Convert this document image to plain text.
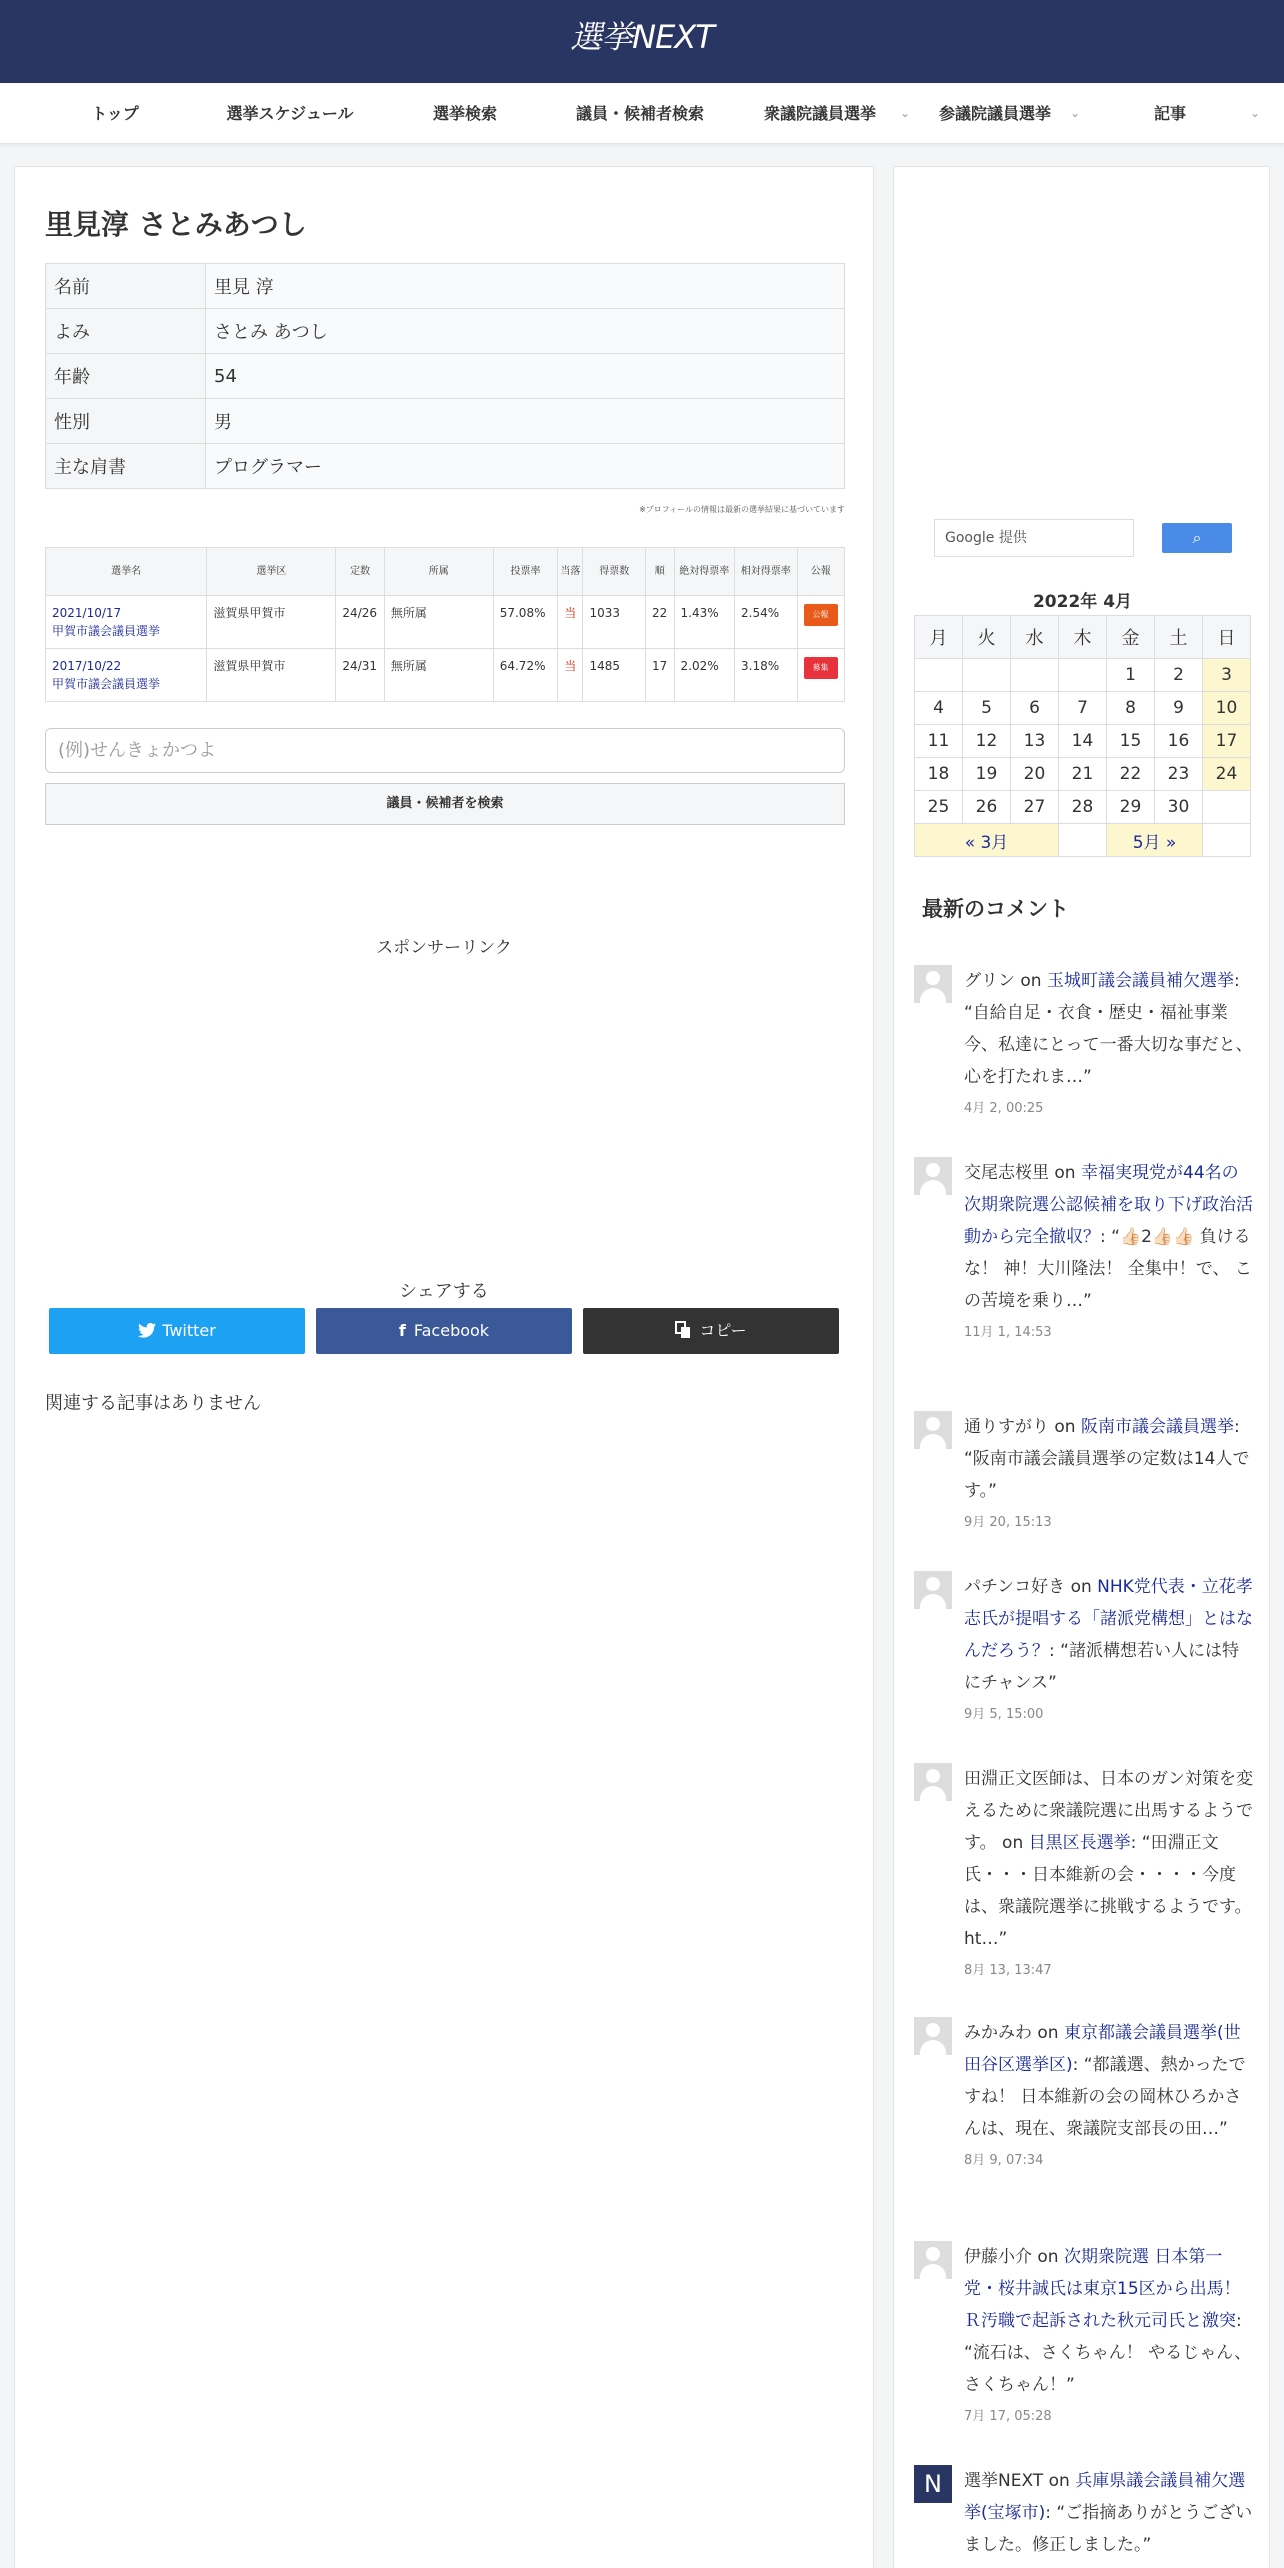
選挙NEXT
トップ	選挙スケジュール	選挙検索	議員・候補者検索	衆議院議員選挙 ⌄	参議院議員選挙 ⌄	記事	⌄
里見淳 さとみあつし
名前	里見 淳
よみ	さとみ あつし
年齢	54
性別	男
主な肩書	プログラマー
※プロフィールの情報は最新の選挙結果に基づいています
選挙名	選挙区	定数	所属	投票率	当落	得票数	順	絶対得票率	相対得票率	公報
2021/10/17
甲賀市議会議員選挙	滋賀県甲賀市	24/26	無所属	57.08%	当	1033	22	1.43%	2.54%	公報
2017/10/22
甲賀市議会議員選挙	滋賀県甲賀市	24/31	無所属	64.72%	当	1485	17	2.02%	3.18%	募集
(例)せんきょかつよ
議員・候補者を検索
スポンサーリンク
シェアする
Twitter	f Facebook	コピー
関連する記事はありません
Google 提供	⌕
2022年 4月
月	火	水	木	金	土	日
				1	2	3
4	5	6	7	8	9	10
11	12	13	14	15	16	17
18	19	20	21	22	23	24
25	26	27	28	29	30	
« 3月				5月 »		
最新のコメント
グリン on 玉城町議会議員補欠選挙: “自給自足・衣食・歴史・福祉事業 今、私達にとって一番大切な事だと、 心を打たれま…”
4月 2, 00:25
交尾志桜里 on 幸福実現党が44名の次期衆院選公認候補を取り下げ政治活動から完全撤収？: “👍🏻2👍🏻👍🏻 負けるな！ 神！大川隆法！ 全集中！で、 この苦境を乗り…”
11月 1, 14:53
通りすがり on 阪南市議会議員選挙: “阪南市議会議員選挙の定数は14人です。”
9月 20, 15:13
パチンコ好き on NHK党代表・立花孝志氏が提唱する「諸派党構想」とはなんだろう？: “諸派構想若い人には特にチャンス”
9月 5, 15:00
田淵正文医師は、日本のガン対策を変えるために衆議院選に出馬するようです。 on 目黒区長選挙: “田淵正文氏・・・日本維新の会・・・・今度は、衆議院選挙に挑戦するようです。 ht…”
8月 13, 13:47
みかみわ on 東京都議会議員選挙(世田谷区選挙区): “都議選、熱かったですね！ 日本維新の会の岡林ひろかさんは、現在、衆議院支部長の田…”
8月 9, 07:34
伊藤小介 on 次期衆院選 日本第一党・桜井誠氏は東京15区から出馬！Ｒ汚職で起訴された秋元司氏と激突: “流石は、さくちゃん！ やるじゃん、さくちゃん！”
7月 17, 05:28
N	選挙NEXT on 兵庫県議会議員補欠選挙(宝塚市): “ご指摘ありがとうございました。修正しました。”
